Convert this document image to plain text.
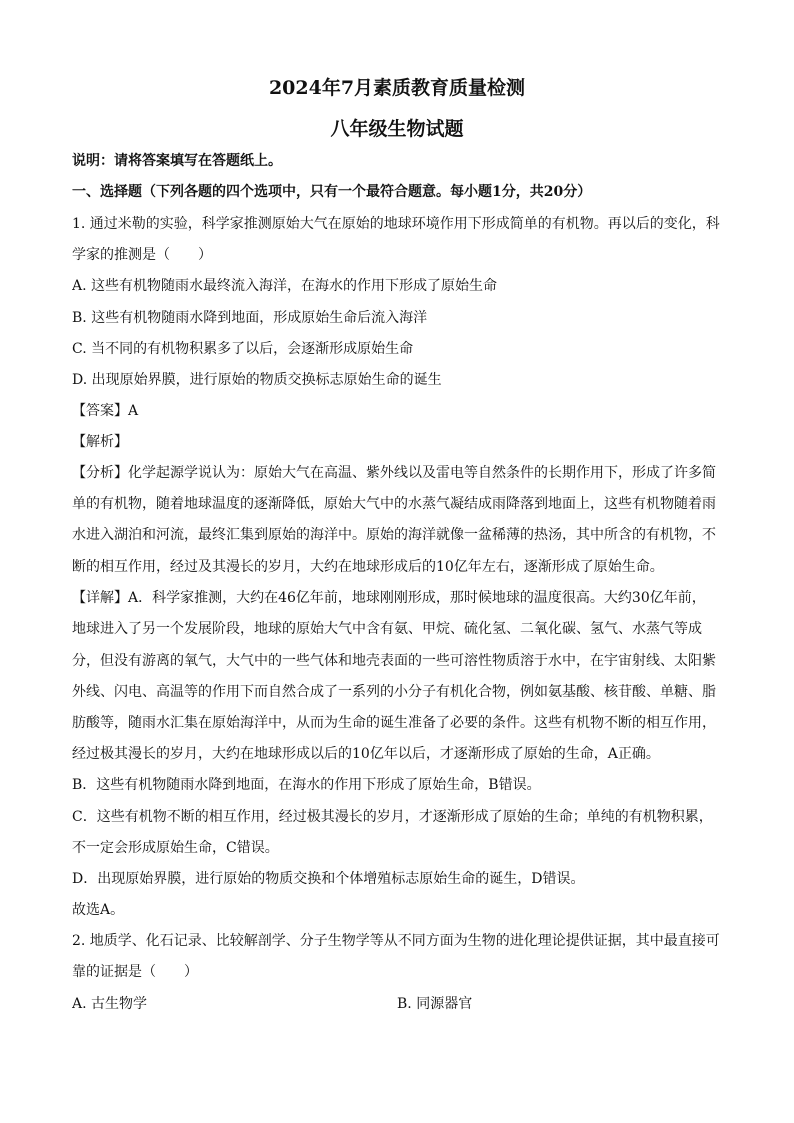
2024年7月素质教育质量检测
八年级生物试题
说明：请将答案填写在答题纸上。
一、选择题（下列各题的四个选项中，只有一个最符合题意。每小题1分，共20分）
1. 通过米勒的实验，科学家推测原始大气在原始的地球环境作用下形成简单的有机物。再以后的变化，科
学家的推测是（　　）
A. 这些有机物随雨水最终流入海洋，在海水的作用下形成了原始生命
B. 这些有机物随雨水降到地面，形成原始生命后流入海洋
C. 当不同的有机物积累多了以后，会逐渐形成原始生命
D. 出现原始界膜，进行原始的物质交换标志原始生命的诞生
【答案】A
【解析】
【分析】化学起源学说认为：原始大气在高温、紫外线以及雷电等自然条件的长期作用下，形成了许多简
单的有机物，随着地球温度的逐渐降低，原始大气中的水蒸气凝结成雨降落到地面上，这些有机物随着雨
水进入湖泊和河流，最终汇集到原始的海洋中。原始的海洋就像一盆稀薄的热汤，其中所含的有机物，不
断的相互作用，经过及其漫长的岁月，大约在地球形成后的10亿年左右，逐渐形成了原始生命。
【详解】A．科学家推测，大约在46亿年前，地球刚刚形成，那时候地球的温度很高。大约30亿年前，
地球进入了另一个发展阶段，地球的原始大气中含有氨、甲烷、硫化氢、二氧化碳、氢气、水蒸气等成
分，但没有游离的氧气，大气中的一些气体和地壳表面的一些可溶性物质溶于水中，在宇宙射线、太阳紫
外线、闪电、高温等的作用下而自然合成了一系列的小分子有机化合物，例如氨基酸、核苷酸、单糖、脂
肪酸等，随雨水汇集在原始海洋中，从而为生命的诞生准备了必要的条件。这些有机物不断的相互作用，
经过极其漫长的岁月，大约在地球形成以后的10亿年以后，才逐渐形成了原始的生命，A正确。
B．这些有机物随雨水降到地面，在海水的作用下形成了原始生命，B错误。
C．这些有机物不断的相互作用，经过极其漫长的岁月，才逐渐形成了原始的生命；单纯的有机物积累，
不一定会形成原始生命，C错误。
D．出现原始界膜，进行原始的物质交换和个体增殖标志原始生命的诞生，D错误。
故选A。
2. 地质学、化石记录、比较解剖学、分子生物学等从不同方面为生物的进化理论提供证据，其中最直接可
靠的证据是（　　）
A. 古生物学	B. 同源器官
